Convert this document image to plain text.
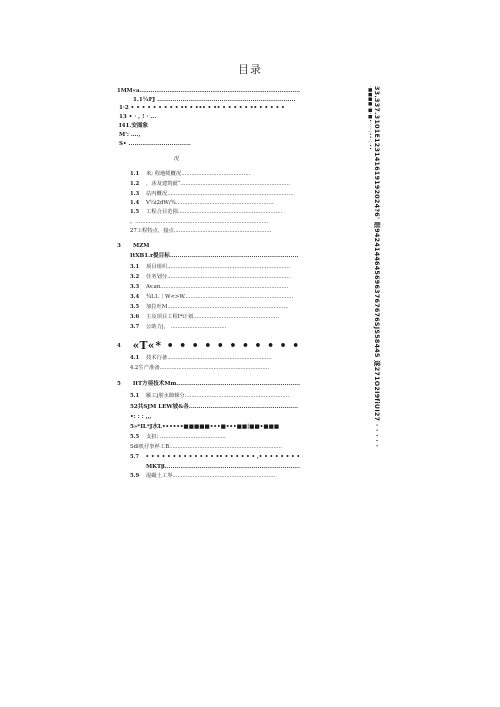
目录
1MM«a......................................................................................
1.1¼FJ .......................................................................
1·2 • • • • • • • • • •• • ••• • •• • • • • • •• • • • • •
13 • · , ! · ...
I41.安图象
M': ….,
S• ................................
况
1.1	米; 程地缆概况.........................................
1.2	，沐及建筑砒“.................................................................
1.3	站内概况...........................................................................
1.4	V¼i2dW/¾..........................................................
1.5	工程合目范围..............................................................
。...............................................................................
27工程特点、接点..........................................................
3	MZM
ItXB1.r提目标..................................................................
3.1	项目组织.........................................................................
3.2	任务划分.........................................................................
3.3	Av.an............................................................................
3.4	¾L1.｜W<>W.................................................................
3.5	加拉吐M........................................................................
3.6	主及项目工程I*计划...................................................
3.7	公助力|， .................................
4	«T«* • • • • • • • • • • •
4.1	技术行备..............................................................
4.2生产准备.................................................................
5	ItT方亜技术Mm................................................................
5.1	雁工j刖水隙倾分..............................................................
52共SJM LEW坡&各........................................................
•: : : ,,,
5»*IL*J水L••••••■■■■■•••■•••■■|■■•■■■
5.5	支扣: .......................................
Sdl机仔拳杯工B...................................................................
5.7	• • • • • • • • • • • • • •• • • • • • • ,• • • • • • • •
MKTβ......................................................................
5.9	混礙土工界.............................................................
33.337.3101E123141619192024?6' 眼94241446456963767676SJS58445 遂271O2I9fiUI27 · · · · ·
·■■■■·■·■•·····;••·;·••
